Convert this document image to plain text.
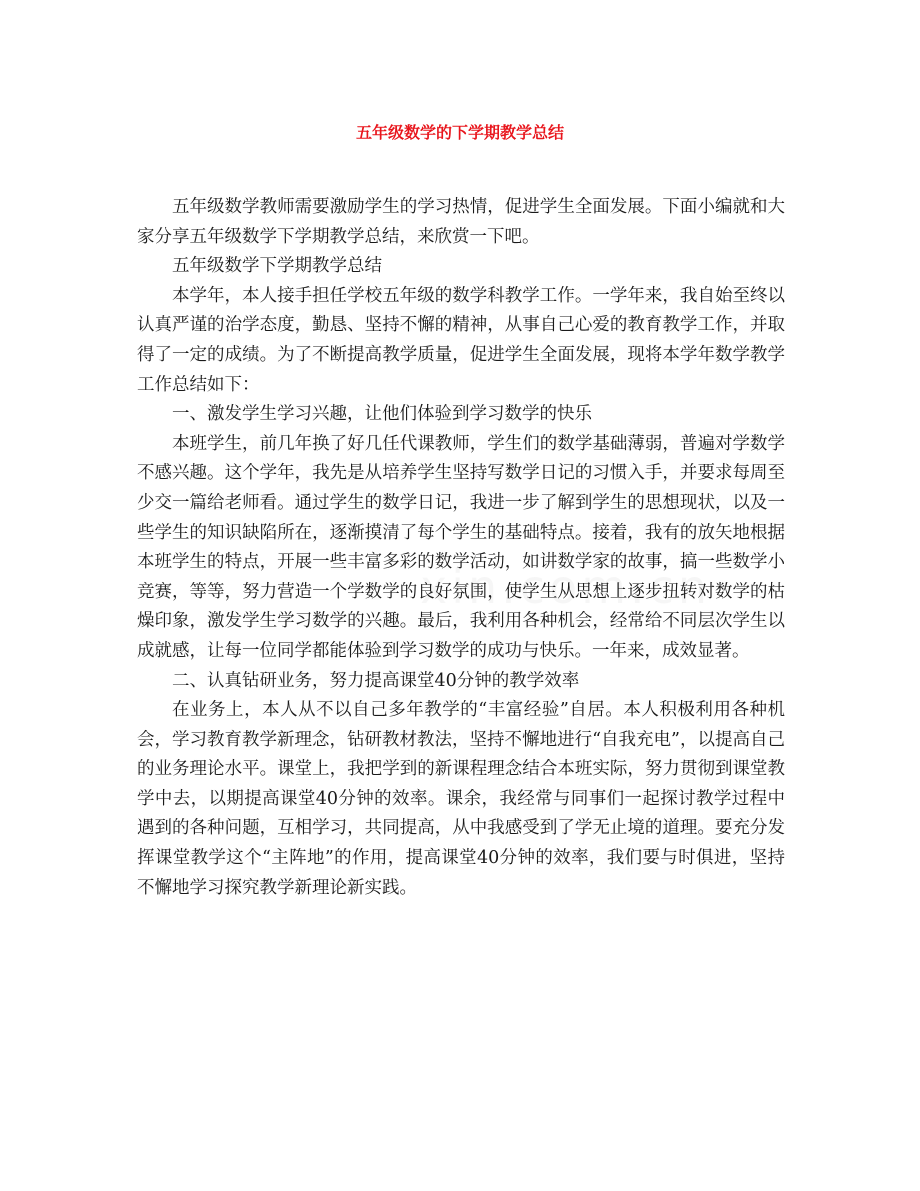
五年级数学的下学期教学总结

五年级数学教师需要激励学生的学习热情，促进学生全面发展。下面小编就和大家分享五年级数学下学期教学总结，来欣赏一下吧。

五年级数学下学期教学总结

本学年，本人接手担任学校五年级的数学科教学工作。一学年来，我自始至终以认真严谨的治学态度，勤恳、坚持不懈的精神，从事自己心爱的教育教学工作，并取得了一定的成绩。为了不断提高教学质量，促进学生全面发展，现将本学年数学教学工作总结如下：

一、激发学生学习兴趣，让他们体验到学习数学的快乐

本班学生，前几年换了好几任代课教师，学生们的数学基础薄弱，普遍对学数学不感兴趣。这个学年，我先是从培养学生坚持写数学日记的习惯入手，并要求每周至少交一篇给老师看。通过学生的数学日记，我进一步了解到学生的思想现状，以及一些学生的知识缺陷所在，逐渐摸清了每个学生的基础特点。接着，我有的放矢地根据本班学生的特点，开展一些丰富多彩的数学活动，如讲数学家的故事，搞一些数学小竞赛，等等，努力营造一个学数学的良好氛围，使学生从思想上逐步扭转对数学的枯燥印象，激发学生学习数学的兴趣。最后，我利用各种机会，经常给不同层次学生以成就感，让每一位同学都能体验到学习数学的成功与快乐。一年来，成效显著。

二、认真钻研业务，努力提高课堂40分钟的教学效率

在业务上，本人从不以自己多年教学的“丰富经验”自居。本人积极利用各种机会，学习教育教学新理念，钻研教材教法，坚持不懈地进行“自我充电”，以提高自己的业务理论水平。课堂上，我把学到的新课程理念结合本班实际，努力贯彻到课堂教学中去，以期提高课堂40分钟的效率。课余，我经常与同事们一起探讨教学过程中遇到的各种问题，互相学习，共同提高，从中我感受到了学无止境的道理。要充分发挥课堂教学这个“主阵地”的作用，提高课堂40分钟的效率，我们要与时俱进，坚持不懈地学习探究教学新理论新实践。
